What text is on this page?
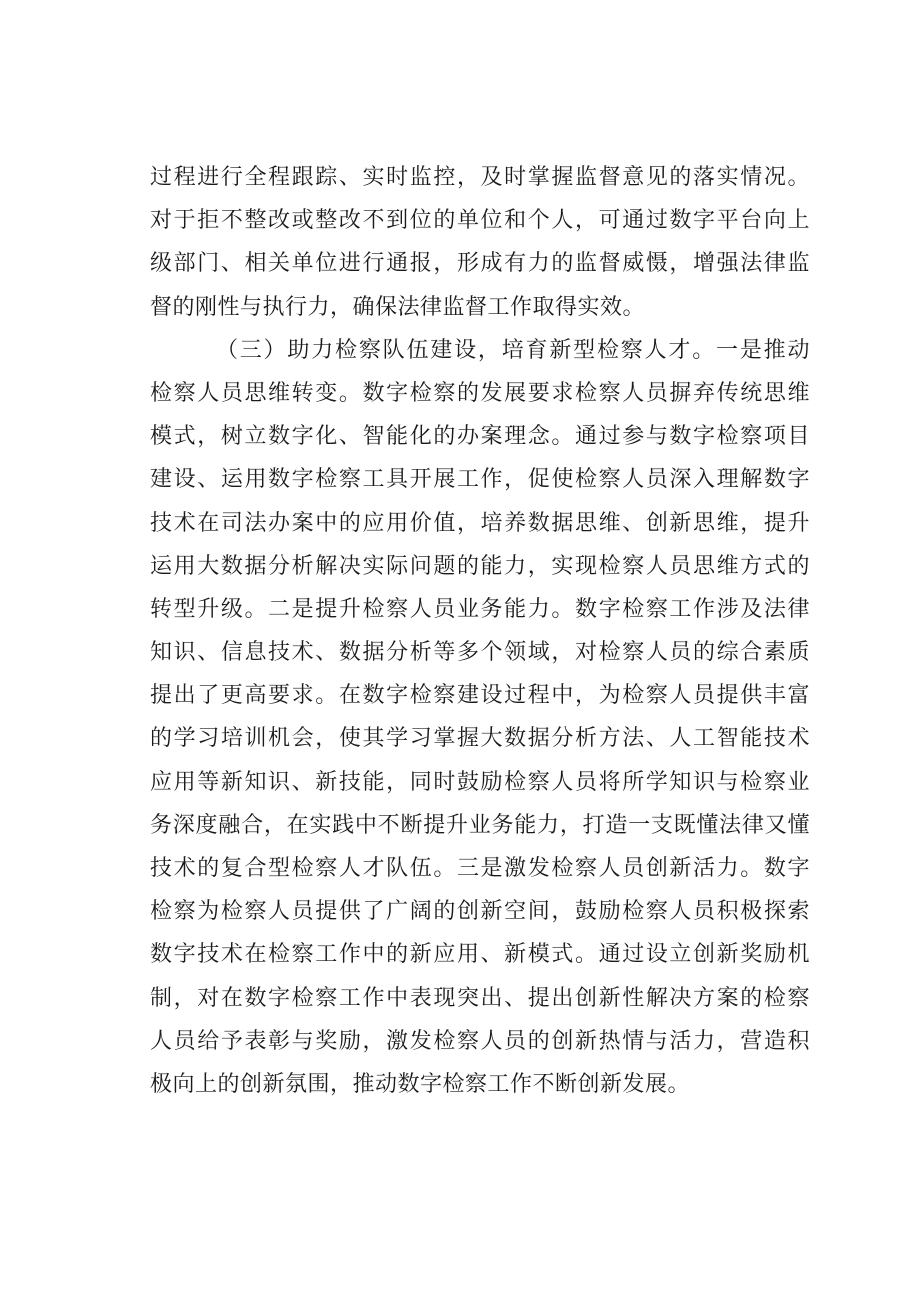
过程进行全程跟踪、实时监控，及时掌握监督意见的落实情况。
对于拒不整改或整改不到位的单位和个人，可通过数字平台向上
级部门、相关单位进行通报，形成有力的监督威慑，增强法律监
督的刚性与执行力，确保法律监督工作取得实效。
（三）助力检察队伍建设，培育新型检察人才。一是推动
检察人员思维转变。数字检察的发展要求检察人员摒弃传统思维
模式，树立数字化、智能化的办案理念。通过参与数字检察项目
建设、运用数字检察工具开展工作，促使检察人员深入理解数字
技术在司法办案中的应用价值，培养数据思维、创新思维，提升
运用大数据分析解决实际问题的能力，实现检察人员思维方式的
转型升级。二是提升检察人员业务能力。数字检察工作涉及法律
知识、信息技术、数据分析等多个领域，对检察人员的综合素质
提出了更高要求。在数字检察建设过程中，为检察人员提供丰富
的学习培训机会，使其学习掌握大数据分析方法、人工智能技术
应用等新知识、新技能，同时鼓励检察人员将所学知识与检察业
务深度融合，在实践中不断提升业务能力，打造一支既懂法律又懂
技术的复合型检察人才队伍。三是激发检察人员创新活力。数字
检察为检察人员提供了广阔的创新空间，鼓励检察人员积极探索
数字技术在检察工作中的新应用、新模式。通过设立创新奖励机
制，对在数字检察工作中表现突出、提出创新性解决方案的检察
人员给予表彰与奖励，激发检察人员的创新热情与活力，营造积
极向上的创新氛围，推动数字检察工作不断创新发展。
